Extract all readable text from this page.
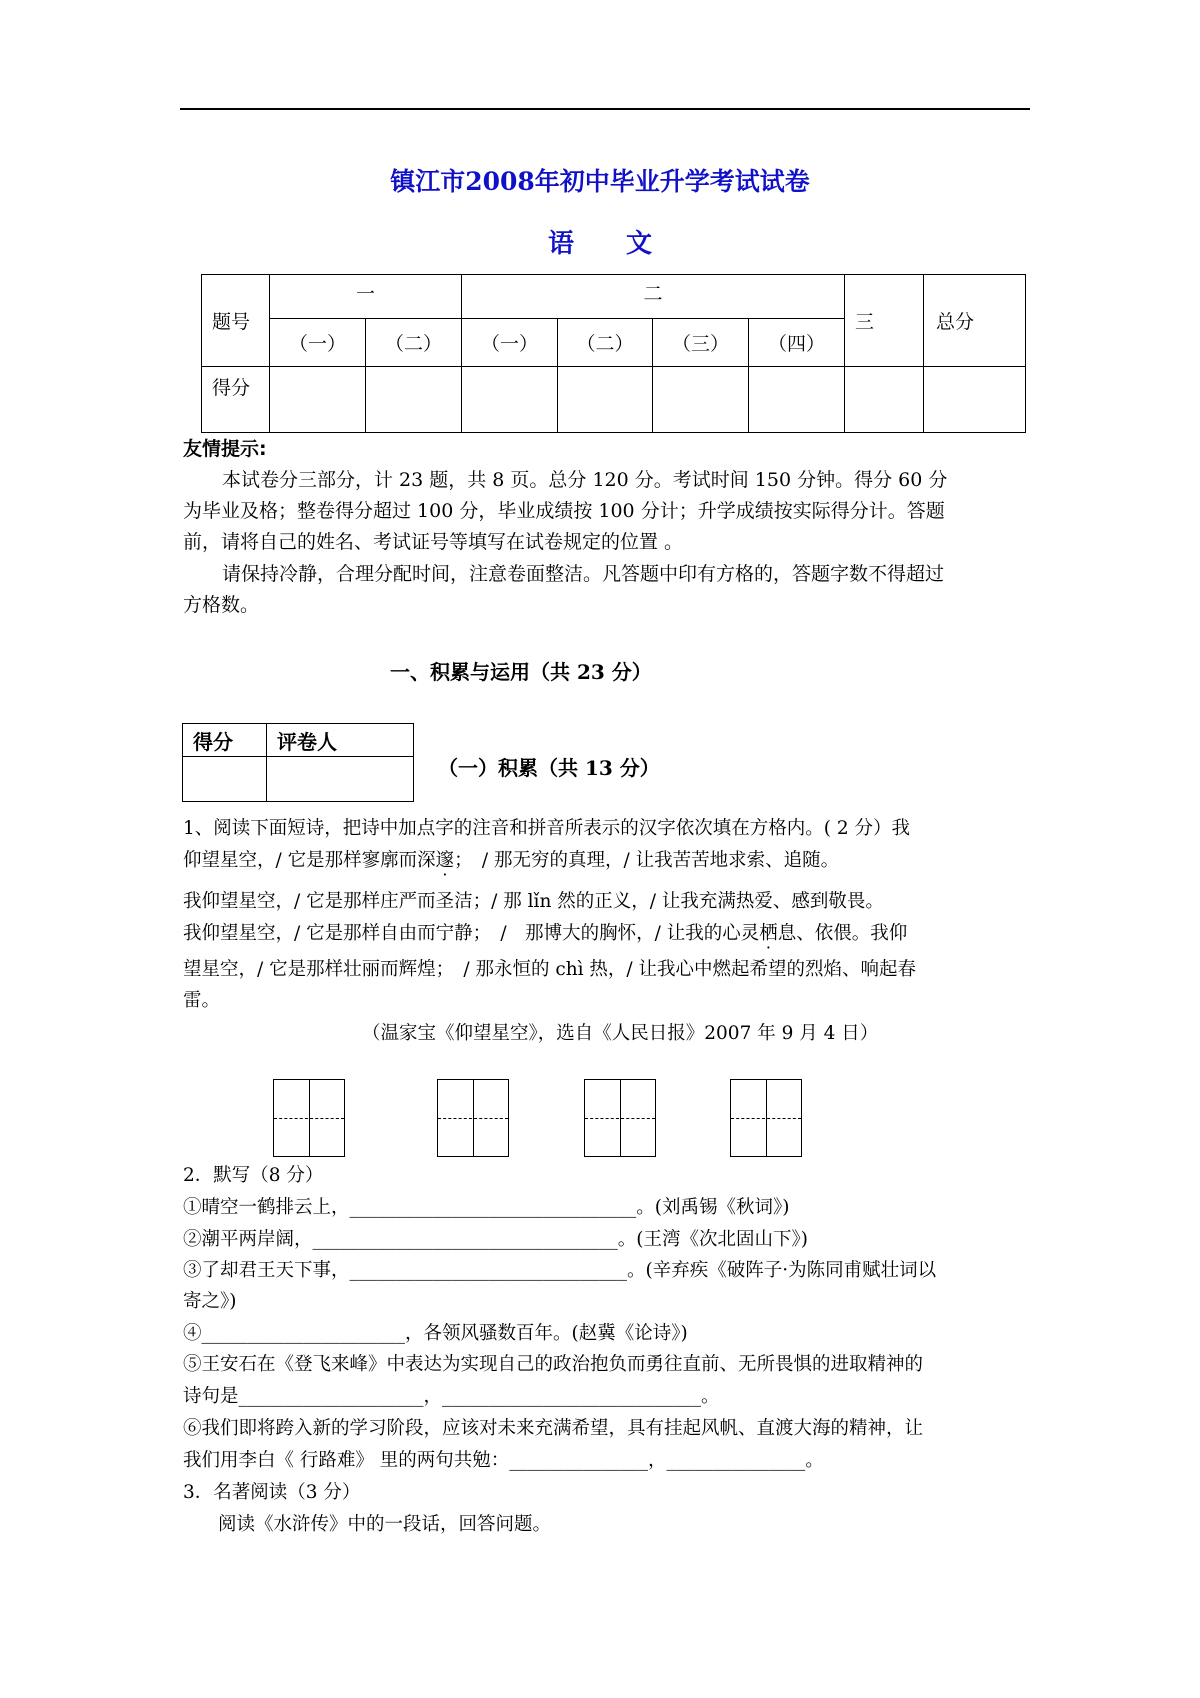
镇江市2008年初中毕业升学考试试卷
语　　文
题号	一		二				三	总分
	（一）	（二）	（一）	（二）	（三）	（四）		
得分								
友情提示:
本试卷分三部分，计 23 题，共 8 页。总分 120 分。考试时间 150 分钟。得分 60 分
为毕业及格；整卷得分超过 100 分，毕业成绩按 100 分计；升学成绩按实际得分计。答题
前，请将自己的姓名、考试证号等填写在试卷规定的位置 。
请保持冷静，合理分配时间，注意卷面整洁。凡答题中印有方格的，答题字数不得超过
方格数。
一、积累与运用（共 23 分）
得分	评卷人

（一）积累（共 13 分）
1、阅读下面短诗，把诗中加点字的注音和拼音所表示的汉字依次填在方格内。( 2 分）我
仰望星空，/ 它是那样寥廓而深邃；　/ 那无穷的真理，/ 让我苦苦地求索、追随。
我仰望星空，/ 它是那样庄严而圣洁；/ 那 lǐn 然的正义，/ 让我充满热爱、感到敬畏。
我仰望星空，/ 它是那样自由而宁静；　/　那博大的胸怀，/ 让我的心灵栖息、依偎。我仰
望星空，/ 它是那样壮丽而辉煌；　/ 那永恒的 chì 热，/ 让我心中燃起希望的烈焰、响起春
雷。
（温家宝《仰望星空》，选自《人民日报》2007 年 9 月 4 日）
2．默写（8 分）
①晴空一鹤排云上，_______________________________。(刘禹锡《秋词》)
②潮平两岸阔，_________________________________。(王湾《次北固山下》)
③了却君王天下事，______________________________。(辛弃疾《破阵子·为陈同甫赋壮词以
寄之》)
④______________________，各领风骚数百年。(赵冀《论诗》)
⑤王安石在《登飞来峰》中表达为实现自己的政治抱负而勇往直前、无所畏惧的进取精神的
诗句是____________________，____________________________。
⑥我们即将跨入新的学习阶段，应该对未来充满希望，具有挂起风帆、直渡大海的精神，让
我们用李白《 行路难》 里的两句共勉：_______________，_______________。
3．名著阅读（3 分）
阅读《水浒传》中的一段话，回答问题。
